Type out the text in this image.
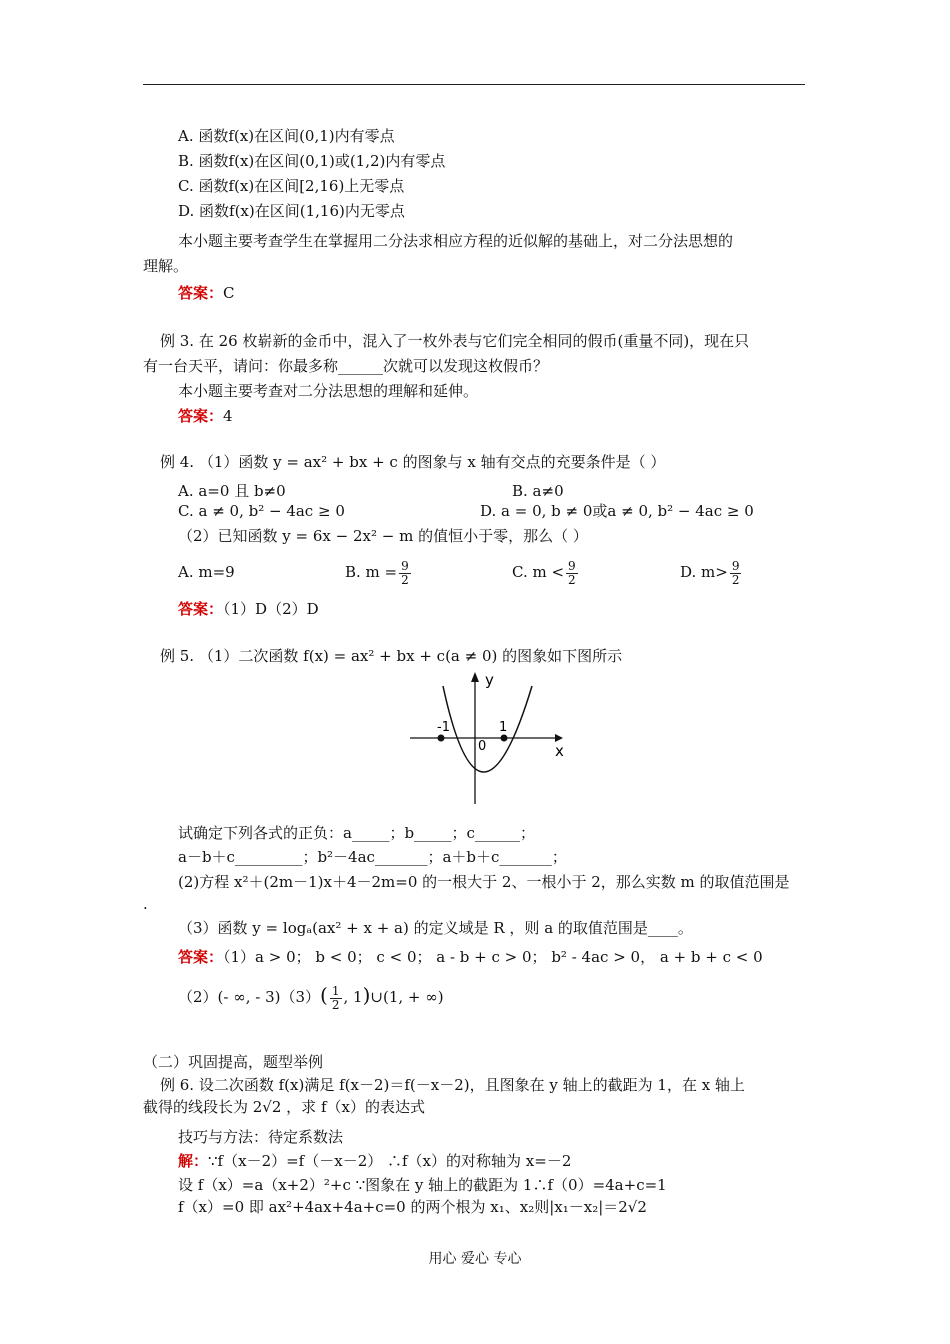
A. 函数f(x)在区间(0,1)内有零点
B. 函数f(x)在区间(0,1)或(1,2)内有零点
C. 函数f(x)在区间[2,16)上无零点
D. 函数f(x)在区间(1,16)内无零点
本小题主要考查学生在掌握用二分法求相应方程的近似解的基础上，对二分法思想的
理解。
答案：C
例 3. 在 26 枚崭新的金币中，混入了一枚外表与它们完全相同的假币(重量不同)，现在只
有一台天平，请问：你最多称______次就可以发现这枚假币？
本小题主要考查对二分法思想的理解和延伸。
答案：4
例 4. （1）函数 y = ax² + bx + c 的图象与 x 轴有交点的充要条件是（ ）
A. a=0 且 b≠0	B. a≠0
C. a ≠ 0, b² − 4ac ≥ 0	D. a = 0, b ≠ 0或a ≠ 0, b² − 4ac ≥ 0
（2）已知函数 y = 6x − 2x² − m 的值恒小于零，那么（ ）
A. m=9	B. $m = \frac{9}{2}$	C. $m < \frac{9}{2}$	D. $m> \frac{9}{2}$
答案：（1）D（2）D
例 5. （1）二次函数 f(x) = ax² + bx + c(a ≠ 0) 的图象如下图所示
y
x
-1	1
0
试确定下列各式的正负：a_____；b_____；c______；
a－b＋c_________；b²－4ac_______；a＋b＋c_______；
(2)方程 x²＋(2m－1)x＋4－2m=0 的一根大于 2、一根小于 2，那么实数 m 的取值范围是
.
（3）函数 y = logₐ(ax² + x + a) 的定义域是 R ，则 a 的取值范围是____。
答案：（1）a > 0； b < 0； c < 0； a - b + c > 0； b² - 4ac > 0， a + b + c < 0
（2）(- ∞, - $3)(3)( \frac{1}{2}$ , 1)∪(1, + ∞)
（二）巩固提高，题型举例
例 6. 设二次函数 f(x)满足 f(x－2)＝f(－x－2)，且图象在 y 轴上的截距为 1，在 x 轴上
截得的线段长为 2√2 ，求 f（x）的表达式
技巧与方法：待定系数法
解：∵f（x－2）=f（－x－2） ∴f（x）的对称轴为 x=－2
设 f（x）=a（x+2）²+c ∵图象在 y 轴上的截距为 1∴f（0）=4a+c=1
f（x）=0 即 ax²+4ax+4a+c=0 的两个根为 x₁、x₂则|x₁－x₂|＝2√2
用心 爱心 专心
